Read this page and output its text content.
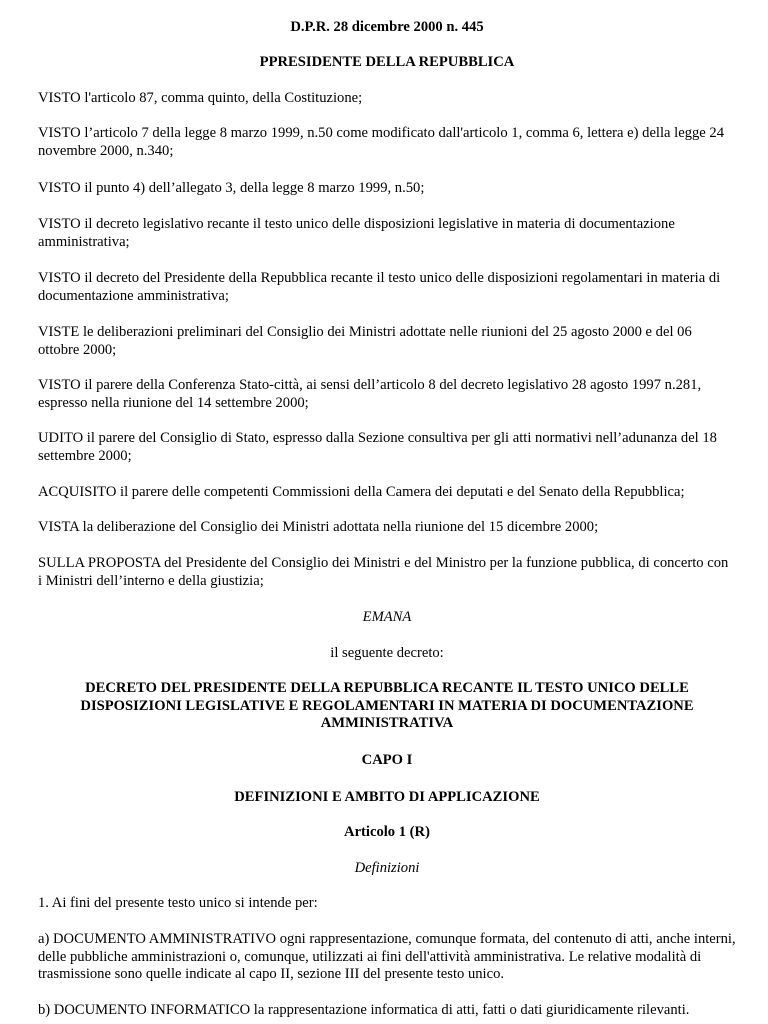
D.P.R. 28 dicembre 2000 n. 445

PPRESIDENTE DELLA REPUBBLICA

VISTO l'articolo 87, comma quinto, della Costituzione;

VISTO l’articolo 7 della legge 8 marzo 1999, n.50 come modificato dall'articolo 1, comma 6, lettera e) della legge 24 novembre 2000, n.340;

VISTO il punto 4) dell’allegato 3, della legge 8 marzo 1999, n.50;

VISTO il decreto legislativo recante il testo unico delle disposizioni legislative in materia di documentazione amministrativa;

VISTO il decreto del Presidente della Repubblica recante il testo unico delle disposizioni regolamentari in materia di documentazione amministrativa;

VISTE le deliberazioni preliminari del Consiglio dei Ministri adottate nelle riunioni del 25 agosto 2000 e del 06 ottobre 2000;

VISTO il parere della Conferenza Stato-città, ai sensi dell’articolo 8 del decreto legislativo 28 agosto 1997 n.281, espresso nella riunione del 14 settembre 2000;

UDITO il parere del Consiglio di Stato, espresso dalla Sezione consultiva per gli atti normativi nell’adunanza del 18 settembre 2000;

ACQUISITO il parere delle competenti Commissioni della Camera dei deputati e del Senato della Repubblica;

VISTA la deliberazione del Consiglio dei Ministri adottata nella riunione del 15 dicembre 2000;

SULLA PROPOSTA del Presidente del Consiglio dei Ministri e del Ministro per la funzione pubblica, di concerto con i Ministri dell’interno e della giustizia;

EMANA

il seguente decreto:

DECRETO DEL PRESIDENTE DELLA REPUBBLICA RECANTE IL TESTO UNICO DELLE
DISPOSIZIONI LEGISLATIVE E REGOLAMENTARI IN MATERIA DI DOCUMENTAZIONE
AMMINISTRATIVA

CAPO I

DEFINIZIONI E AMBITO DI APPLICAZIONE

Articolo 1 (R)

Definizioni

1. Ai fini del presente testo unico si intende per:

a) DOCUMENTO AMMINISTRATIVO ogni rappresentazione, comunque formata, del contenuto di atti, anche interni, delle pubbliche amministrazioni o, comunque, utilizzati ai fini dell'attività amministrativa. Le relative modalità di trasmissione sono quelle indicate al capo II, sezione III del presente testo unico.

b) DOCUMENTO INFORMATICO la rappresentazione informatica di atti, fatti o dati giuridicamente rilevanti.
